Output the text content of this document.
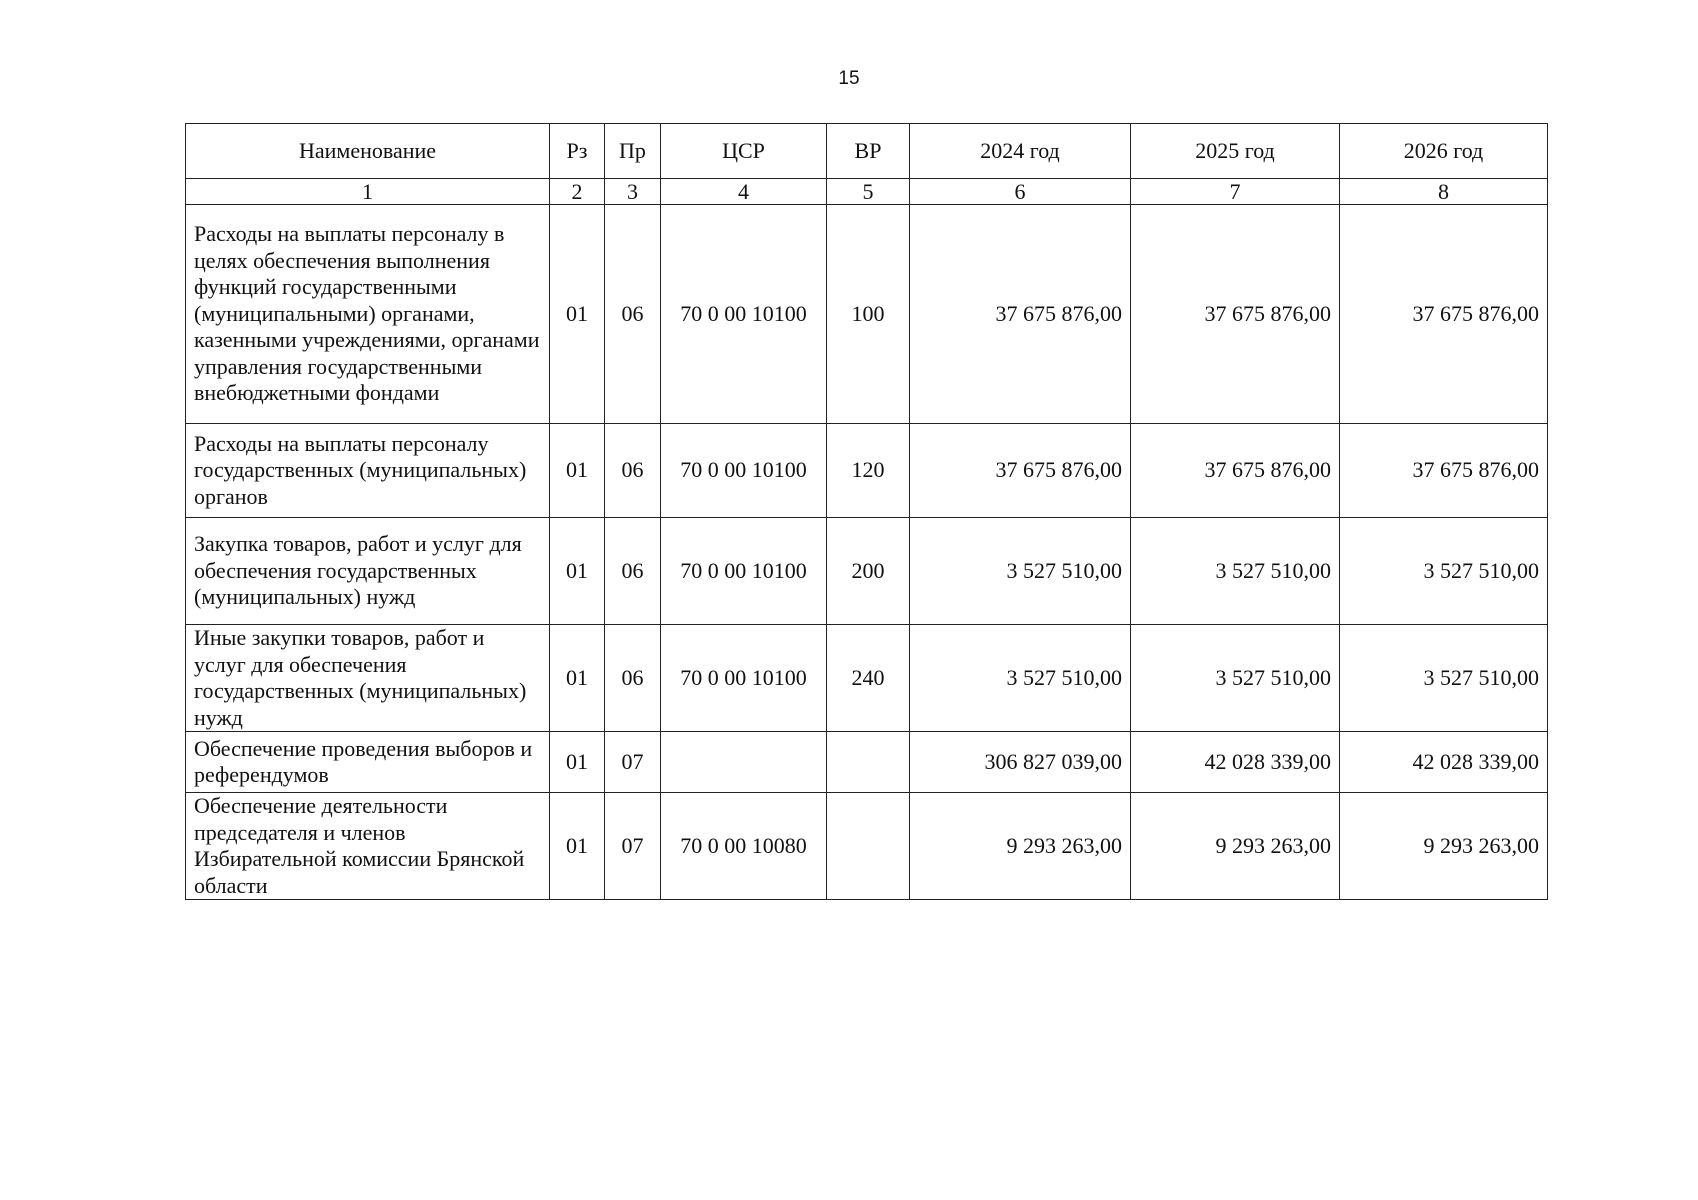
15
Наименование	Рз	Пр	ЦСР	ВР	2024 год	2025 год	2026 год
1	2	3	4	5	6	7	8
Расходы на выплаты персоналу в целях обеспечения выполнения функций государственными (муниципальными) органами, казенными учреждениями, органами управления государственными внебюджетными фондами	01	06	70 0 00 10100	100	37 675 876,00	37 675 876,00	37 675 876,00
Расходы на выплаты персоналу государственных (муниципальных) органов	01	06	70 0 00 10100	120	37 675 876,00	37 675 876,00	37 675 876,00
Закупка товаров, работ и услуг для обеспечения государственных (муниципальных) нужд	01	06	70 0 00 10100	200	3 527 510,00	3 527 510,00	3 527 510,00
Иные закупки товаров, работ и услуг для обеспечения государственных (муниципальных) нужд	01	06	70 0 00 10100	240	3 527 510,00	3 527 510,00	3 527 510,00
Обеспечение проведения выборов и референдумов	01	07			306 827 039,00	42 028 339,00	42 028 339,00
Обеспечение деятельности председателя и членов Избирательной комиссии Брянской области	01	07	70 0 00 10080		9 293 263,00	9 293 263,00	9 293 263,00
